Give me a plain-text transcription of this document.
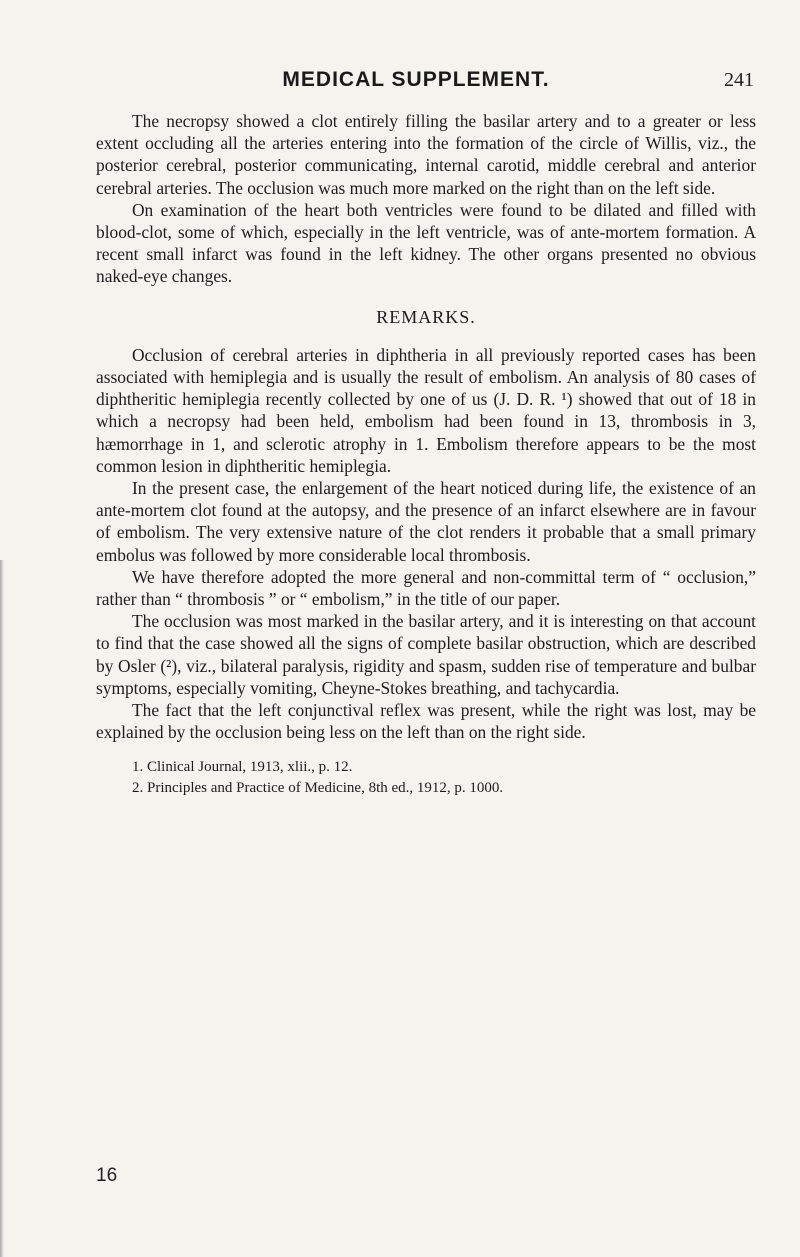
MEDICAL SUPPLEMENT.	241

The necropsy showed a clot entirely filling the basilar artery and to a greater or less extent occluding all the arteries entering into the formation of the circle of Willis, viz., the posterior cerebral, posterior communicating, internal carotid, middle cerebral and anterior cerebral arteries. The occlusion was much more marked on the right than on the left side.

On examination of the heart both ventricles were found to be dilated and filled with blood-clot, some of which, especially in the left ventricle, was of ante-mortem formation. A recent small infarct was found in the left kidney. The other organs presented no obvious naked-eye changes.

REMARKS.

Occlusion of cerebral arteries in diphtheria in all previously reported cases has been associated with hemiplegia and is usually the result of embolism. An analysis of 80 cases of diphtheritic hemiplegia recently collected by one of us (J. D. R. ¹) showed that out of 18 in which a necropsy had been held, embolism had been found in 13, thrombosis in 3, hæmorrhage in 1, and sclerotic atrophy in 1. Embolism therefore appears to be the most common lesion in diphtheritic hemiplegia.

In the present case, the enlargement of the heart noticed during life, the existence of an ante-mortem clot found at the autopsy, and the presence of an infarct elsewhere are in favour of embolism. The very extensive nature of the clot renders it probable that a small primary embolus was followed by more considerable local thrombosis.

We have therefore adopted the more general and non-committal term of “ occlusion,” rather than “ thrombosis ” or “ embolism,” in the title of our paper.

The occlusion was most marked in the basilar artery, and it is interesting on that account to find that the case showed all the signs of complete basilar obstruction, which are described by Osler (²), viz., bilateral paralysis, rigidity and spasm, sudden rise of temperature and bulbar symptoms, especially vomiting, Cheyne-Stokes breathing, and tachycardia.

The fact that the left conjunctival reflex was present, while the right was lost, may be explained by the occlusion being less on the left than on the right side.

1. Clinical Journal, 1913, xlii., p. 12.
2. Principles and Practice of Medicine, 8th ed., 1912, p. 1000.
16
